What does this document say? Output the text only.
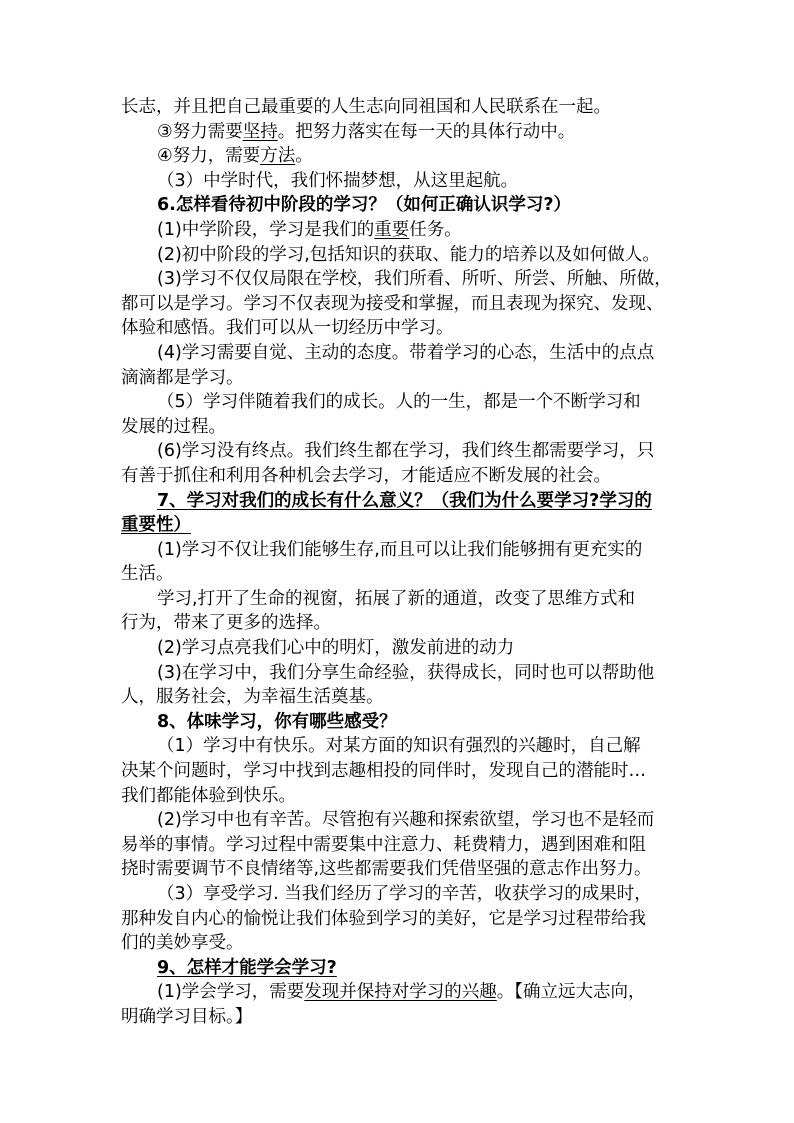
长志，并且把自己最重要的人生志向同祖国和人民联系在一起。
③努力需要坚持。把努力落实在每一天的具体行动中。
④努力，需要方法。
（3）中学时代，我们怀揣梦想，从这里起航。
6.怎样看待初中阶段的学习？（如何正确认识学习?）
(1)中学阶段，学习是我们的重要任务。
(2)初中阶段的学习,包括知识的获取、能力的培养以及如何做人。
(3)学习不仅仅局限在学校，我们所看、所听、所尝、所触、所做，
都可以是学习。学习不仅表现为接受和掌握，而且表现为探究、发现、
体验和感悟。我们可以从一切经历中学习。
(4)学习需要自觉、主动的态度。带着学习的心态，生活中的点点
滴滴都是学习。
（5）学习伴随着我们的成长。人的一生，都是一个不断学习和
发展的过程。
(6)学习没有终点。我们终生都在学习，我们终生都需要学习，只
有善于抓住和利用各种机会去学习，才能适应不断发展的社会。
7、学习对我们的成长有什么意义？（我们为什么要学习?学习的
重要性）
(1)学习不仅让我们能够生存,而且可以让我们能够拥有更充实的
生活。
学习,打开了生命的视窗，拓展了新的通道，改变了思维方式和
行为，带来了更多的选择。
(2)学习点亮我们心中的明灯，激发前进的动力
(3)在学习中，我们分享生命经验，获得成长，同时也可以帮助他
人，服务社会，为幸福生活奠基。
8、体味学习，你有哪些感受？
（1）学习中有快乐。对某方面的知识有强烈的兴趣时，自己解
决某个问题时，学习中找到志趣相投的同伴时，发现自己的潜能时…
我们都能体验到快乐。
(2)学习中也有辛苦。尽管抱有兴趣和探索欲望，学习也不是轻而
易举的事情。学习过程中需要集中注意力、耗费精力，遇到困难和阻
挠时需要调节不良情绪等,这些都需要我们凭借坚强的意志作出努力。
（3）享受学习. 当我们经历了学习的辛苦，收获学习的成果时，
那种发自内心的愉悦让我们体验到学习的美好，它是学习过程带给我
们的美妙享受。
9、怎样才能学会学习?
(1)学会学习，需要发现并保持对学习的兴趣。【确立远大志向，
明确学习目标。】
